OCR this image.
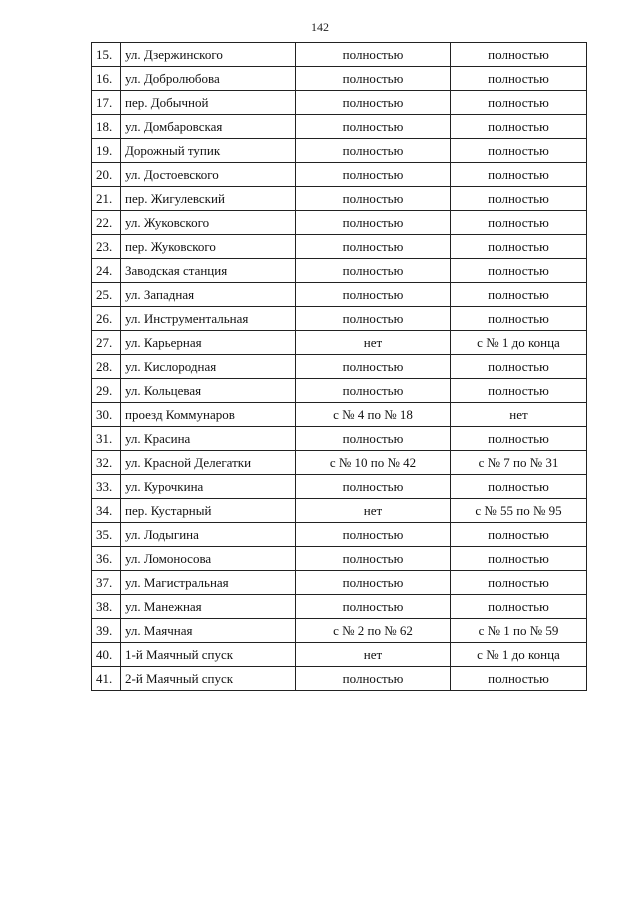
142
15.	ул. Дзержинского	полностью	полностью
16.	ул. Добролюбова	полностью	полностью
17.	пер. Добычной	полностью	полностью
18.	ул. Домбаровская	полностью	полностью
19.	Дорожный тупик	полностью	полностью
20.	ул. Достоевского	полностью	полностью
21.	пер. Жигулевский	полностью	полностью
22.	ул. Жуковского	полностью	полностью
23.	пер. Жуковского	полностью	полностью
24.	Заводская станция	полностью	полностью
25.	ул. Западная	полностью	полностью
26.	ул. Инструментальная	полностью	полностью
27.	ул. Карьерная	нет	с № 1 до конца
28.	ул. Кислородная	полностью	полностью
29.	ул. Кольцевая	полностью	полностью
30.	проезд Коммунаров	с № 4 по № 18	нет
31.	ул. Красина	полностью	полностью
32.	ул. Красной Делегатки	с № 10 по № 42	с № 7 по № 31
33.	ул. Курочкина	полностью	полностью
34.	пер. Кустарный	нет	с № 55 по № 95
35.	ул. Лодыгина	полностью	полностью
36.	ул. Ломоносова	полностью	полностью
37.	ул. Магистральная	полностью	полностью
38.	ул. Манежная	полностью	полностью
39.	ул. Маячная	с № 2 по № 62	с № 1 по № 59
40.	1-й Маячный спуск	нет	с № 1 до конца
41.	2-й Маячный спуск	полностью	полностью
